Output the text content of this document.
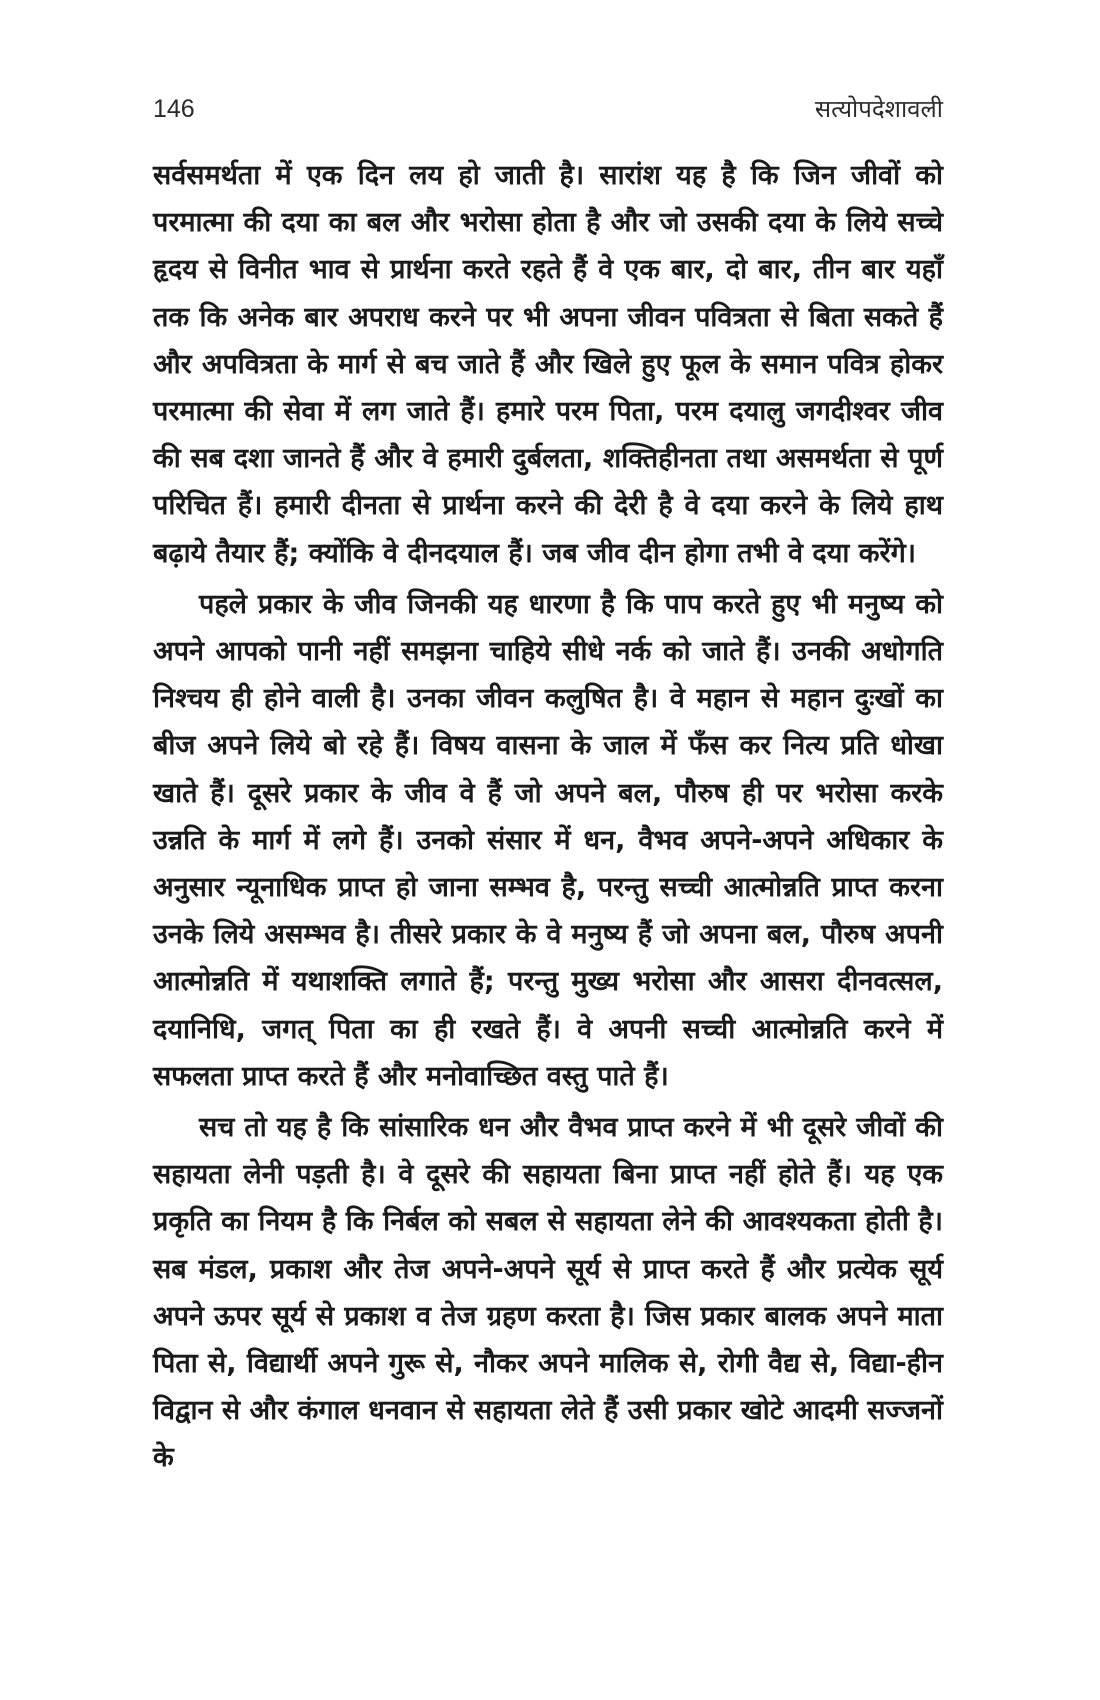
146	सत्योपदेशावली

सर्वसमर्थता में एक दिन लय हो जाती है। सारांश यह है कि जिन जीवों को परमात्मा की दया का बल और भरोसा होता है और जो उसकी दया के लिये सच्चे हृदय से विनीत भाव से प्रार्थना करते रहते हैं वे एक बार, दो बार, तीन बार यहाँ तक कि अनेक बार अपराध करने पर भी अपना जीवन पवित्रता से बिता सकते हैं और अपवित्रता के मार्ग से बच जाते हैं और खिले हुए फूल के समान पवित्र होकर परमात्मा की सेवा में लग जाते हैं। हमारे परम पिता, परम दयालु जगदीश्वर जीव की सब दशा जानते हैं और वे हमारी दुर्बलता, शक्तिहीनता तथा असमर्थता से पूर्ण परिचित हैं। हमारी दीनता से प्रार्थना करने की देरी है वे दया करने के लिये हाथ बढ़ाये तैयार हैं; क्योंकि वे दीनदयाल हैं। जब जीव दीन होगा तभी वे दया करेंगे।

पहले प्रकार के जीव जिनकी यह धारणा है कि पाप करते हुए भी मनुष्य को अपने आपको पानी नहीं समझना चाहिये सीधे नर्क को जाते हैं। उनकी अधोगति निश्चय ही होने वाली है। उनका जीवन कलुषित है। वे महान से महान दुःखों का बीज अपने लिये बो रहे हैं। विषय वासना के जाल में फँस कर नित्य प्रति धोखा खाते हैं। दूसरे प्रकार के जीव वे हैं जो अपने बल, पौरुष ही पर भरोसा करके उन्नति के मार्ग में लगे हैं। उनको संसार में धन, वैभव अपने-अपने अधिकार के अनुसार न्यूनाधिक प्राप्त हो जाना सम्भव है, परन्तु सच्ची आत्मोन्नति प्राप्त करना उनके लिये असम्भव है। तीसरे प्रकार के वे मनुष्य हैं जो अपना बल, पौरुष अपनी आत्मोन्नति में यथाशक्ति लगाते हैं; परन्तु मुख्य भरोसा और आसरा दीनवत्सल, दयानिधि, जगत् पिता का ही रखते हैं। वे अपनी सच्ची आत्मोन्नति करने में सफलता प्राप्त करते हैं और मनोवाच्छित वस्तु पाते हैं।

सच तो यह है कि सांसारिक धन और वैभव प्राप्त करने में भी दूसरे जीवों की सहायता लेनी पड़ती है। वे दूसरे की सहायता बिना प्राप्त नहीं होते हैं। यह एक प्रकृति का नियम है कि निर्बल को सबल से सहायता लेने की आवश्यकता होती है। सब मंडल, प्रकाश और तेज अपने-अपने सूर्य से प्राप्त करते हैं और प्रत्येक सूर्य अपने ऊपर सूर्य से प्रकाश व तेज ग्रहण करता है। जिस प्रकार बालक अपने माता पिता से, विद्यार्थी अपने गुरू से, नौकर अपने मालिक से, रोगी वैद्य से, विद्या-हीन विद्वान से और कंगाल धनवान से सहायता लेते हैं उसी प्रकार खोटे आदमी सज्जनों के
